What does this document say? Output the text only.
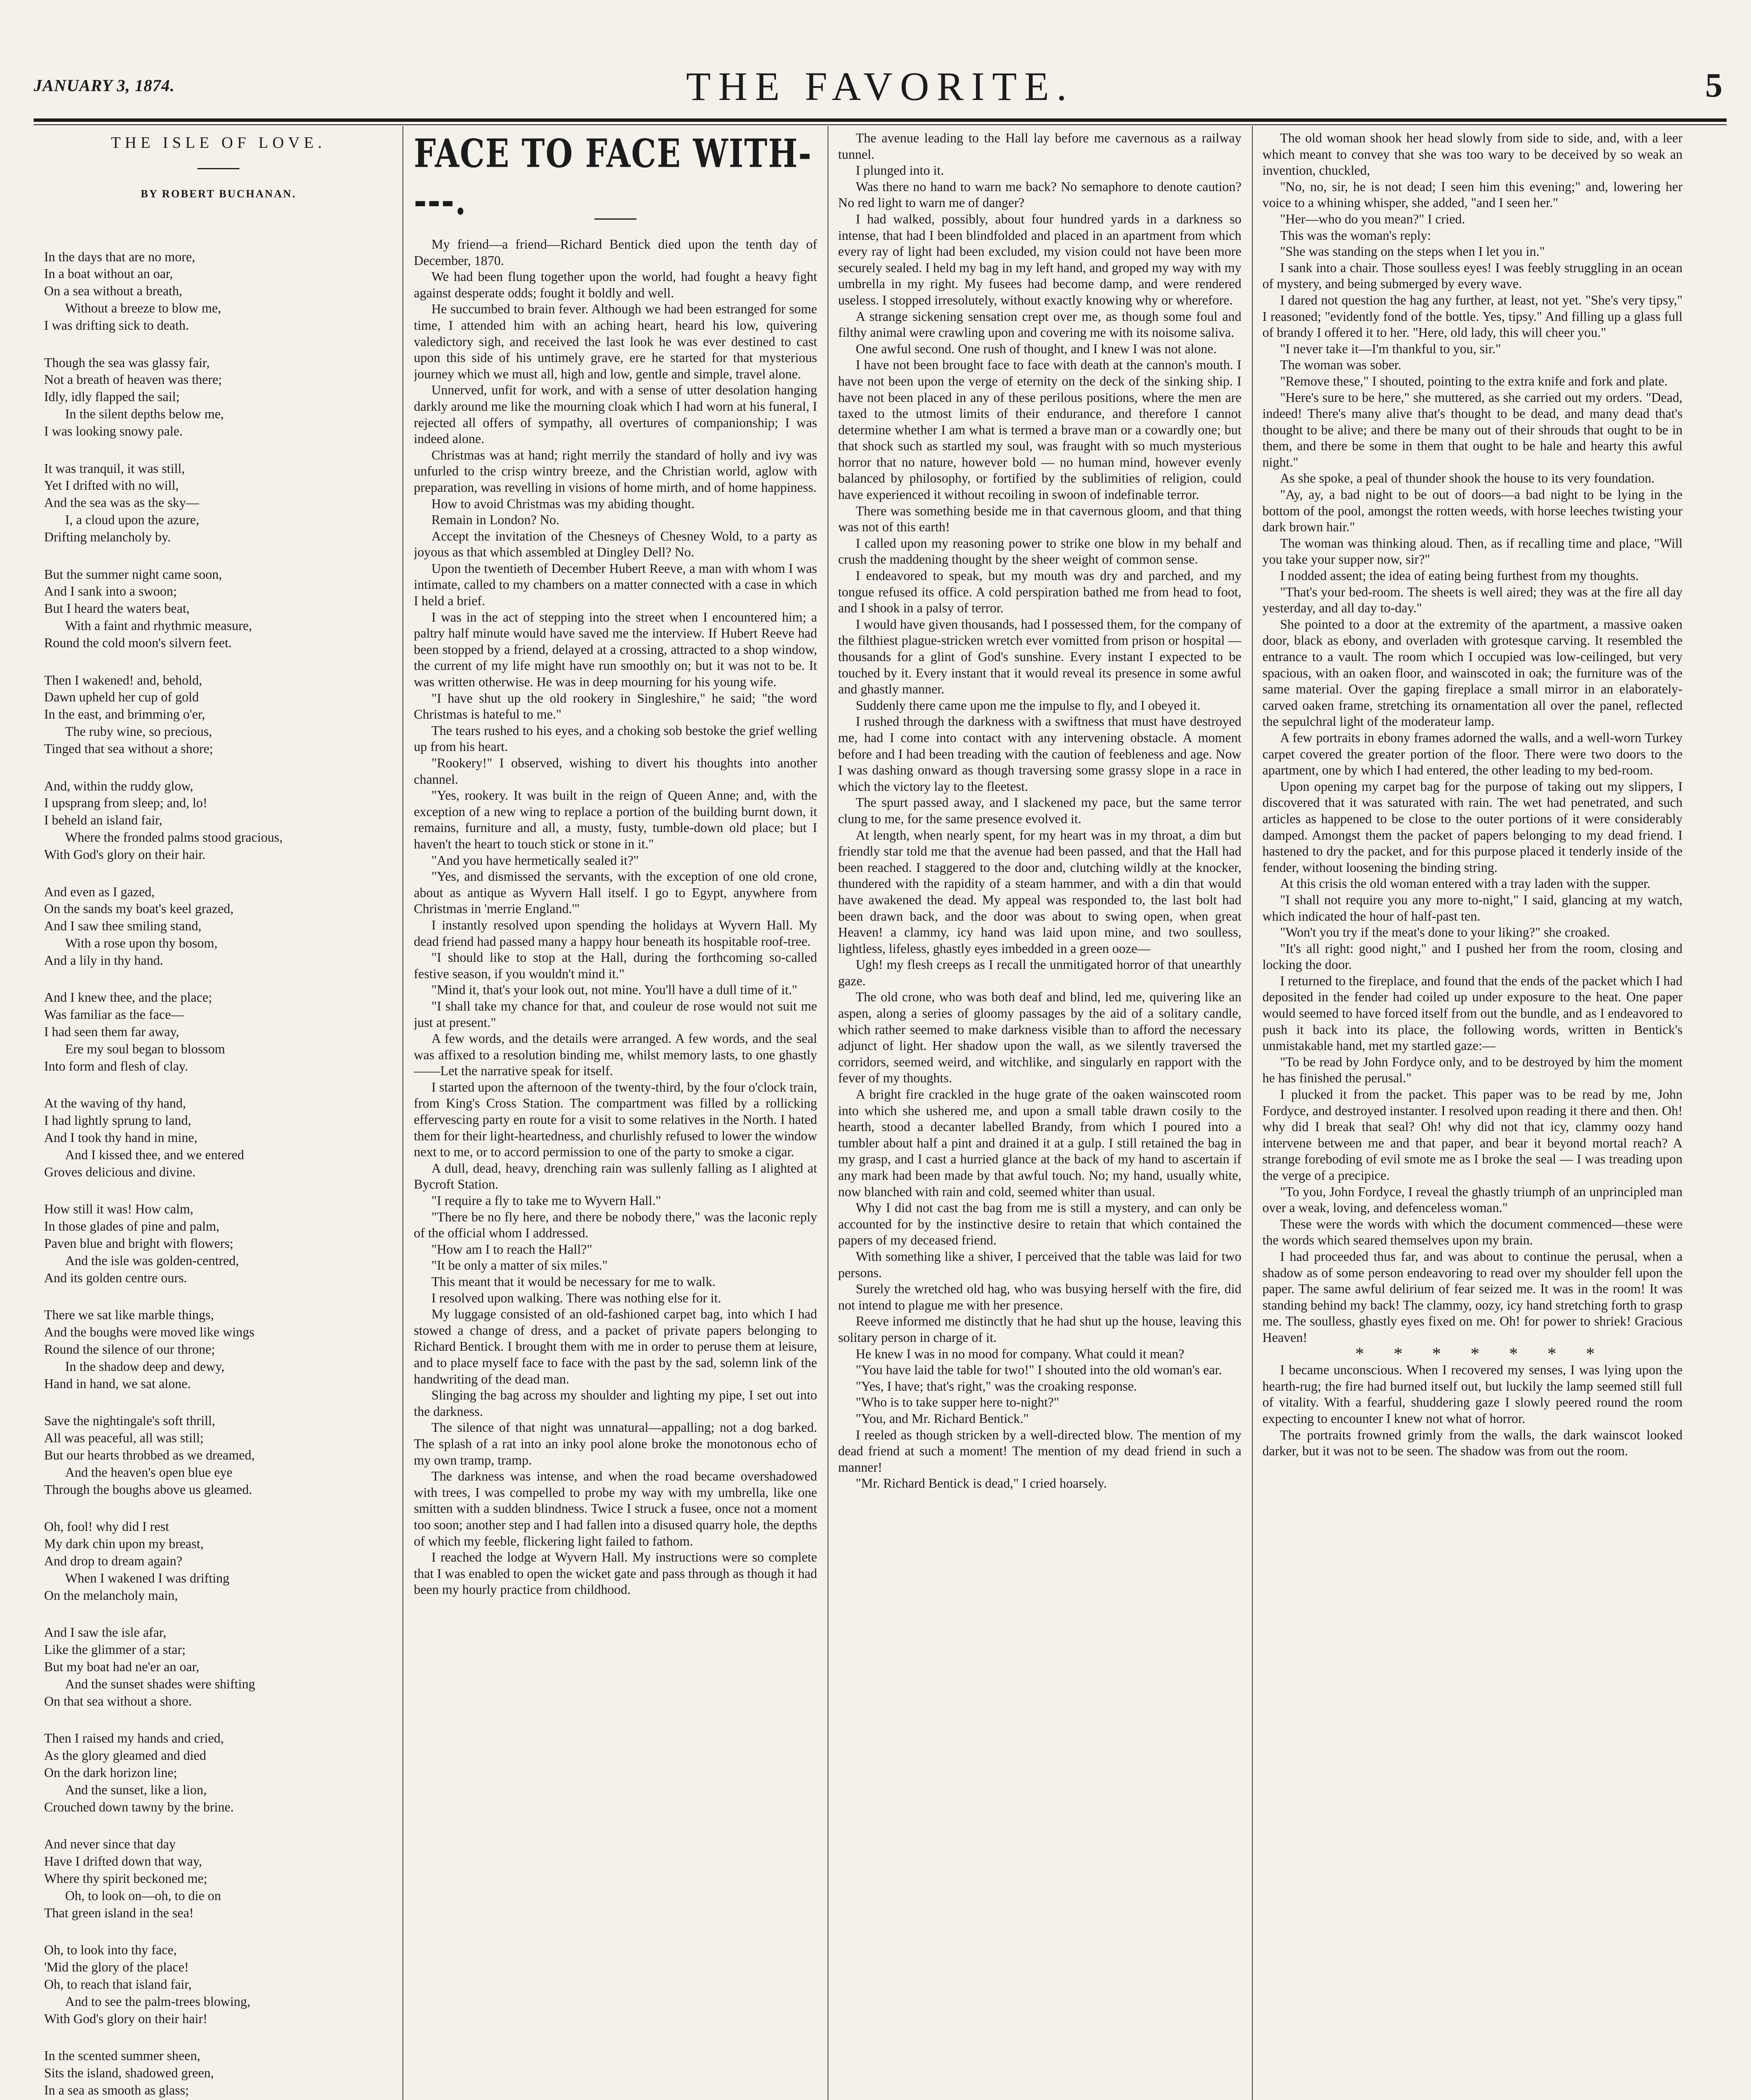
JANUARY 3, 1874.	THE FAVORITE.	5
THE ISLE OF LOVE.
BY ROBERT BUCHANAN.
In the days that are no more,
In a boat without an oar,
On a sea without a breath,
Without a breeze to blow me,
I was drifting sick to death.
Though the sea was glassy fair,
Not a breath of heaven was there;
Idly, idly flapped the sail;
In the silent depths below me,
I was looking snowy pale.
It was tranquil, it was still,
Yet I drifted with no will,
And the sea was as the sky—
I, a cloud upon the azure,
Drifting melancholy by.
But the summer night came soon,
And I sank into a swoon;
But I heard the waters beat,
With a faint and rhythmic measure,
Round the cold moon's silvern feet.
Then I wakened! and, behold,
Dawn upheld her cup of gold
In the east, and brimming o'er,
The ruby wine, so precious,
Tinged that sea without a shore;
And, within the ruddy glow,
I upsprang from sleep; and, lo!
I beheld an island fair,
Where the fronded palms stood gracious,
With God's glory on their hair.
And even as I gazed,
On the sands my boat's keel grazed,
And I saw thee smiling stand,
With a rose upon thy bosom,
And a lily in thy hand.
And I knew thee, and the place;
Was familiar as the face—
I had seen them far away,
Ere my soul began to blossom
Into form and flesh of clay.
At the waving of thy hand,
I had lightly sprung to land,
And I took thy hand in mine,
And I kissed thee, and we entered
Groves delicious and divine.
How still it was! How calm,
In those glades of pine and palm,
Paven blue and bright with flowers;
And the isle was golden-centred,
And its golden centre ours.
There we sat like marble things,
And the boughs were moved like wings
Round the silence of our throne;
In the shadow deep and dewy,
Hand in hand, we sat alone.
Save the nightingale's soft thrill,
All was peaceful, all was still;
But our hearts throbbed as we dreamed,
And the heaven's open blue eye
Through the boughs above us gleamed.
Oh, fool! why did I rest
My dark chin upon my breast,
And drop to dream again?
When I wakened I was drifting
On the melancholy main,
And I saw the isle afar,
Like the glimmer of a star;
But my boat had ne'er an oar,
And the sunset shades were shifting
On that sea without a shore.
Then I raised my hands and cried,
As the glory gleamed and died
On the dark horizon line;
And the sunset, like a lion,
Crouched down tawny by the brine.
And never since that day
Have I drifted down that way,
Where thy spirit beckoned me;
Oh, to look on—oh, to die on
That green island in the sea!
Oh, to look into thy face,
'Mid the glory of the place!
Oh, to reach that island fair,
And to see the palm-trees blowing,
With God's glory on their hair!
In the scented summer sheen,
Sits the island, shadowed green,
In a sea as smooth as glass;
FACE TO FACE WITH----.

My friend—a friend—Richard Bentick died upon the tenth day of December, 1870.

We had been flung together upon the world, had fought a heavy fight against desperate odds; fought it boldly and well.

He succumbed to brain fever. Although we had been estranged for some time, I attended him with an aching heart, heard his low, quivering valedictory sigh, and received the last look he was ever destined to cast upon this side of his untimely grave, ere he started for that mysterious journey which we must all, high and low, gentle and simple, travel alone.

Unnerved, unfit for work, and with a sense of utter desolation hanging darkly around me like the mourning cloak which I had worn at his funeral, I rejected all offers of sympathy, all overtures of companionship; I was indeed alone.

Christmas was at hand; right merrily the standard of holly and ivy was unfurled to the crisp wintry breeze, and the Christian world, aglow with preparation, was revelling in visions of home mirth, and of home happiness.

How to avoid Christmas was my abiding thought.

Remain in London? No.

Accept the invitation of the Chesneys of Chesney Wold, to a party as joyous as that which assembled at Dingley Dell? No.

Upon the twentieth of December Hubert Reeve, a man with whom I was intimate, called to my chambers on a matter connected with a case in which I held a brief.

I was in the act of stepping into the street when I encountered him; a paltry half minute would have saved me the interview. If Hubert Reeve had been stopped by a friend, delayed at a crossing, attracted to a shop window, the current of my life might have run smoothly on; but it was not to be. It was written otherwise. He was in deep mourning for his young wife.

"I have shut up the old rookery in Singleshire," he said; "the word Christmas is hateful to me."

The tears rushed to his eyes, and a choking sob bestoke the grief welling up from his heart.

"Rookery!" I observed, wishing to divert his thoughts into another channel.

"Yes, rookery. It was built in the reign of Queen Anne; and, with the exception of a new wing to replace a portion of the building burnt down, it remains, furniture and all, a musty, fusty, tumble-down old place; but I haven't the heart to touch stick or stone in it."

"And you have hermetically sealed it?"

"Yes, and dismissed the servants, with the exception of one old crone, about as antique as Wyvern Hall itself. I go to Egypt, anywhere from Christmas in 'merrie England.'"

I instantly resolved upon spending the holidays at Wyvern Hall. My dead friend had passed many a happy hour beneath its hospitable roof-tree.

"I should like to stop at the Hall, during the forthcoming so-called festive season, if you wouldn't mind it."

"Mind it, that's your look out, not mine. You'll have a dull time of it."

"I shall take my chance for that, and couleur de rose would not suit me just at present."

A few words, and the details were arranged. A few words, and the seal was affixed to a resolution binding me, whilst memory lasts, to one ghastly ——Let the narrative speak for itself.

I started upon the afternoon of the twenty-third, by the four o'clock train, from King's Cross Station. The compartment was filled by a rollicking effervescing party en route for a visit to some relatives in the North. I hated them for their light-heartedness, and churlishly refused to lower the window next to me, or to accord permission to one of the party to smoke a cigar.

A dull, dead, heavy, drenching rain was sullenly falling as I alighted at Bycroft Station.

"I require a fly to take me to Wyvern Hall."

"There be no fly here, and there be nobody there," was the laconic reply of the official whom I addressed.

"How am I to reach the Hall?"

"It be only a matter of six miles."

This meant that it would be necessary for me to walk.

I resolved upon walking. There was nothing else for it.

My luggage consisted of an old-fashioned carpet bag, into which I had stowed a change of dress, and a packet of private papers belonging to Richard Bentick. I brought them with me in order to peruse them at leisure, and to place myself face to face with the past by the sad, solemn link of the handwriting of the dead man.

Slinging the bag across my shoulder and lighting my pipe, I set out into the darkness.

The silence of that night was unnatural—appalling; not a dog barked. The splash of a rat into an inky pool alone broke the monotonous echo of my own tramp, tramp.

The darkness was intense, and when the road became overshadowed with trees, I was compelled to probe my way with my umbrella, like one smitten with a sudden blindness. Twice I struck a fusee, once not a moment too soon; another step and I had fallen into a disused quarry hole, the depths of which my feeble, flickering light failed to fathom.

I reached the lodge at Wyvern Hall. My instructions were so complete that I was enabled to open the wicket gate and pass through as though it had been my hourly practice from childhood.

The avenue leading to the Hall lay before me cavernous as a railway tunnel.

I plunged into it.

Was there no hand to warn me back? No semaphore to denote caution? No red light to warn me of danger?

I had walked, possibly, about four hundred yards in a darkness so intense, that had I been blindfolded and placed in an apartment from which every ray of light had been excluded, my vision could not have been more securely sealed. I held my bag in my left hand, and groped my way with my umbrella in my right. My fusees had become damp, and were rendered useless. I stopped irresolutely, without exactly knowing why or wherefore.

A strange sickening sensation crept over me, as though some foul and filthy animal were crawling upon and covering me with its noisome saliva.

One awful second. One rush of thought, and I knew I was not alone.

I have not been brought face to face with death at the cannon's mouth. I have not been upon the verge of eternity on the deck of the sinking ship. I have not been placed in any of these perilous positions, where the men are taxed to the utmost limits of their endurance, and therefore I cannot determine whether I am what is termed a brave man or a cowardly one; but that shock such as startled my soul, was fraught with so much mysterious horror that no nature, however bold — no human mind, however evenly balanced by philosophy, or fortified by the sublimities of religion, could have experienced it without recoiling in swoon of indefinable terror.

There was something beside me in that cavernous gloom, and that thing was not of this earth!

I called upon my reasoning power to strike one blow in my behalf and crush the maddening thought by the sheer weight of common sense.

I endeavored to speak, but my mouth was dry and parched, and my tongue refused its office. A cold perspiration bathed me from head to foot, and I shook in a palsy of terror.

I would have given thousands, had I possessed them, for the company of the filthiest plague-stricken wretch ever vomitted from prison or hospital — thousands for a glint of God's sunshine. Every instant I expected to be touched by it. Every instant that it would reveal its presence in some awful and ghastly manner.

Suddenly there came upon me the impulse to fly, and I obeyed it.

I rushed through the darkness with a swiftness that must have destroyed me, had I come into contact with any intervening obstacle. A moment before and I had been treading with the caution of feebleness and age. Now I was dashing onward as though traversing some grassy slope in a race in which the victory lay to the fleetest.

The spurt passed away, and I slackened my pace, but the same terror clung to me, for the same presence evolved it.

At length, when nearly spent, for my heart was in my throat, a dim but friendly star told me that the avenue had been passed, and that the Hall had been reached. I staggered to the door and, clutching wildly at the knocker, thundered with the rapidity of a steam hammer, and with a din that would have awakened the dead. My appeal was responded to, the last bolt had been drawn back, and the door was about to swing open, when great Heaven! a clammy, icy hand was laid upon mine, and two soulless, lightless, lifeless, ghastly eyes imbedded in a green ooze—

Ugh! my flesh creeps as I recall the unmitigated horror of that unearthly gaze.

The old crone, who was both deaf and blind, led me, quivering like an aspen, along a series of gloomy passages by the aid of a solitary candle, which rather seemed to make darkness visible than to afford the necessary adjunct of light. Her shadow upon the wall, as we silently traversed the corridors, seemed weird, and witchlike, and singularly en rapport with the fever of my thoughts.

A bright fire crackled in the huge grate of the oaken wainscoted room into which she ushered me, and upon a small table drawn cosily to the hearth, stood a decanter labelled Brandy, from which I poured into a tumbler about half a pint and drained it at a gulp. I still retained the bag in my grasp, and I cast a hurried glance at the back of my hand to ascertain if any mark had been made by that awful touch. No; my hand, usually white, now blanched with rain and cold, seemed whiter than usual.

Why I did not cast the bag from me is still a mystery, and can only be accounted for by the instinctive desire to retain that which contained the papers of my deceased friend.

With something like a shiver, I perceived that the table was laid for two persons.

Surely the wretched old hag, who was busying herself with the fire, did not intend to plague me with her presence.

Reeve informed me distinctly that he had shut up the house, leaving this solitary person in charge of it.

He knew I was in no mood for company. What could it mean?

"You have laid the table for two!" I shouted into the old woman's ear.

"Yes, I have; that's right," was the croaking response.

"Who is to take supper here to-night?"

"You, and Mr. Richard Bentick."

I reeled as though stricken by a well-directed blow. The mention of my dead friend at such a moment! The mention of my dead friend in such a manner!

"Mr. Richard Bentick is dead," I cried hoarsely.

The old woman shook her head slowly from side to side, and, with a leer which meant to convey that she was too wary to be deceived by so weak an invention, chuckled,

"No, no, sir, he is not dead; I seen him this evening;" and, lowering her voice to a whining whisper, she added, "and I seen her."

"Her—who do you mean?" I cried.

This was the woman's reply:

"She was standing on the steps when I let you in."

I sank into a chair. Those soulless eyes! I was feebly struggling in an ocean of mystery, and being submerged by every wave.

I dared not question the hag any further, at least, not yet. "She's very tipsy," I reasoned; "evidently fond of the bottle. Yes, tipsy." And filling up a glass full of brandy I offered it to her. "Here, old lady, this will cheer you."

"I never take it—I'm thankful to you, sir."

The woman was sober.

"Remove these," I shouted, pointing to the extra knife and fork and plate.

"Here's sure to be here," she muttered, as she carried out my orders. "Dead, indeed! There's many alive that's thought to be dead, and many dead that's thought to be alive; and there be many out of their shrouds that ought to be in them, and there be some in them that ought to be hale and hearty this awful night."

As she spoke, a peal of thunder shook the house to its very foundation.

"Ay, ay, a bad night to be out of doors—a bad night to be lying in the bottom of the pool, amongst the rotten weeds, with horse leeches twisting your dark brown hair."

The woman was thinking aloud. Then, as if recalling time and place, "Will you take your supper now, sir?"

I nodded assent; the idea of eating being furthest from my thoughts.

"That's your bed-room. The sheets is well aired; they was at the fire all day yesterday, and all day to-day."

She pointed to a door at the extremity of the apartment, a massive oaken door, black as ebony, and overladen with grotesque carving. It resembled the entrance to a vault. The room which I occupied was low-ceilinged, but very spacious, with an oaken floor, and wainscoted in oak; the furniture was of the same material. Over the gaping fireplace a small mirror in an elaborately-carved oaken frame, stretching its ornamentation all over the panel, reflected the sepulchral light of the moderateur lamp.

A few portraits in ebony frames adorned the walls, and a well-worn Turkey carpet covered the greater portion of the floor. There were two doors to the apartment, one by which I had entered, the other leading to my bed-room.

Upon opening my carpet bag for the purpose of taking out my slippers, I discovered that it was saturated with rain. The wet had penetrated, and such articles as happened to be close to the outer portions of it were considerably damped. Amongst them the packet of papers belonging to my dead friend. I hastened to dry the packet, and for this purpose placed it tenderly inside of the fender, without loosening the binding string.

At this crisis the old woman entered with a tray laden with the supper.

"I shall not require you any more to-night," I said, glancing at my watch, which indicated the hour of half-past ten.

"Won't you try if the meat's done to your liking?" she croaked.

"It's all right: good night," and I pushed her from the room, closing and locking the door.

I returned to the fireplace, and found that the ends of the packet which I had deposited in the fender had coiled up under exposure to the heat. One paper would seemed to have forced itself from out the bundle, and as I endeavored to push it back into its place, the following words, written in Bentick's unmistakable hand, met my startled gaze:—

"To be read by John Fordyce only, and to be destroyed by him the moment he has finished the perusal."

I plucked it from the packet. This paper was to be read by me, John Fordyce, and destroyed instanter. I resolved upon reading it there and then. Oh! why did I break that seal? Oh! why did not that icy, clammy oozy hand intervene between me and that paper, and bear it beyond mortal reach? A strange foreboding of evil smote me as I broke the seal — I was treading upon the verge of a precipice.

"To you, John Fordyce, I reveal the ghastly triumph of an unprincipled man over a weak, loving, and defenceless woman."

These were the words with which the document commenced—these were the words which seared themselves upon my brain.

I had proceeded thus far, and was about to continue the perusal, when a shadow as of some person endeavoring to read over my shoulder fell upon the paper. The same awful delirium of fear seized me. It was in the room! It was standing behind my back! The clammy, oozy, icy hand stretching forth to grasp me. The soulless, ghastly eyes fixed on me. Oh! for power to shriek! Gracious Heaven!

* * * * * * *

I became unconscious. When I recovered my senses, I was lying upon the hearth-rug; the fire had burned itself out, but luckily the lamp seemed still full of vitality. With a fearful, shuddering gaze I slowly peered round the room expecting to encounter I knew not what of horror.

The portraits frowned grimly from the walls, the dark wainscot looked darker, but it was not to be seen. The shadow was from out the room.
